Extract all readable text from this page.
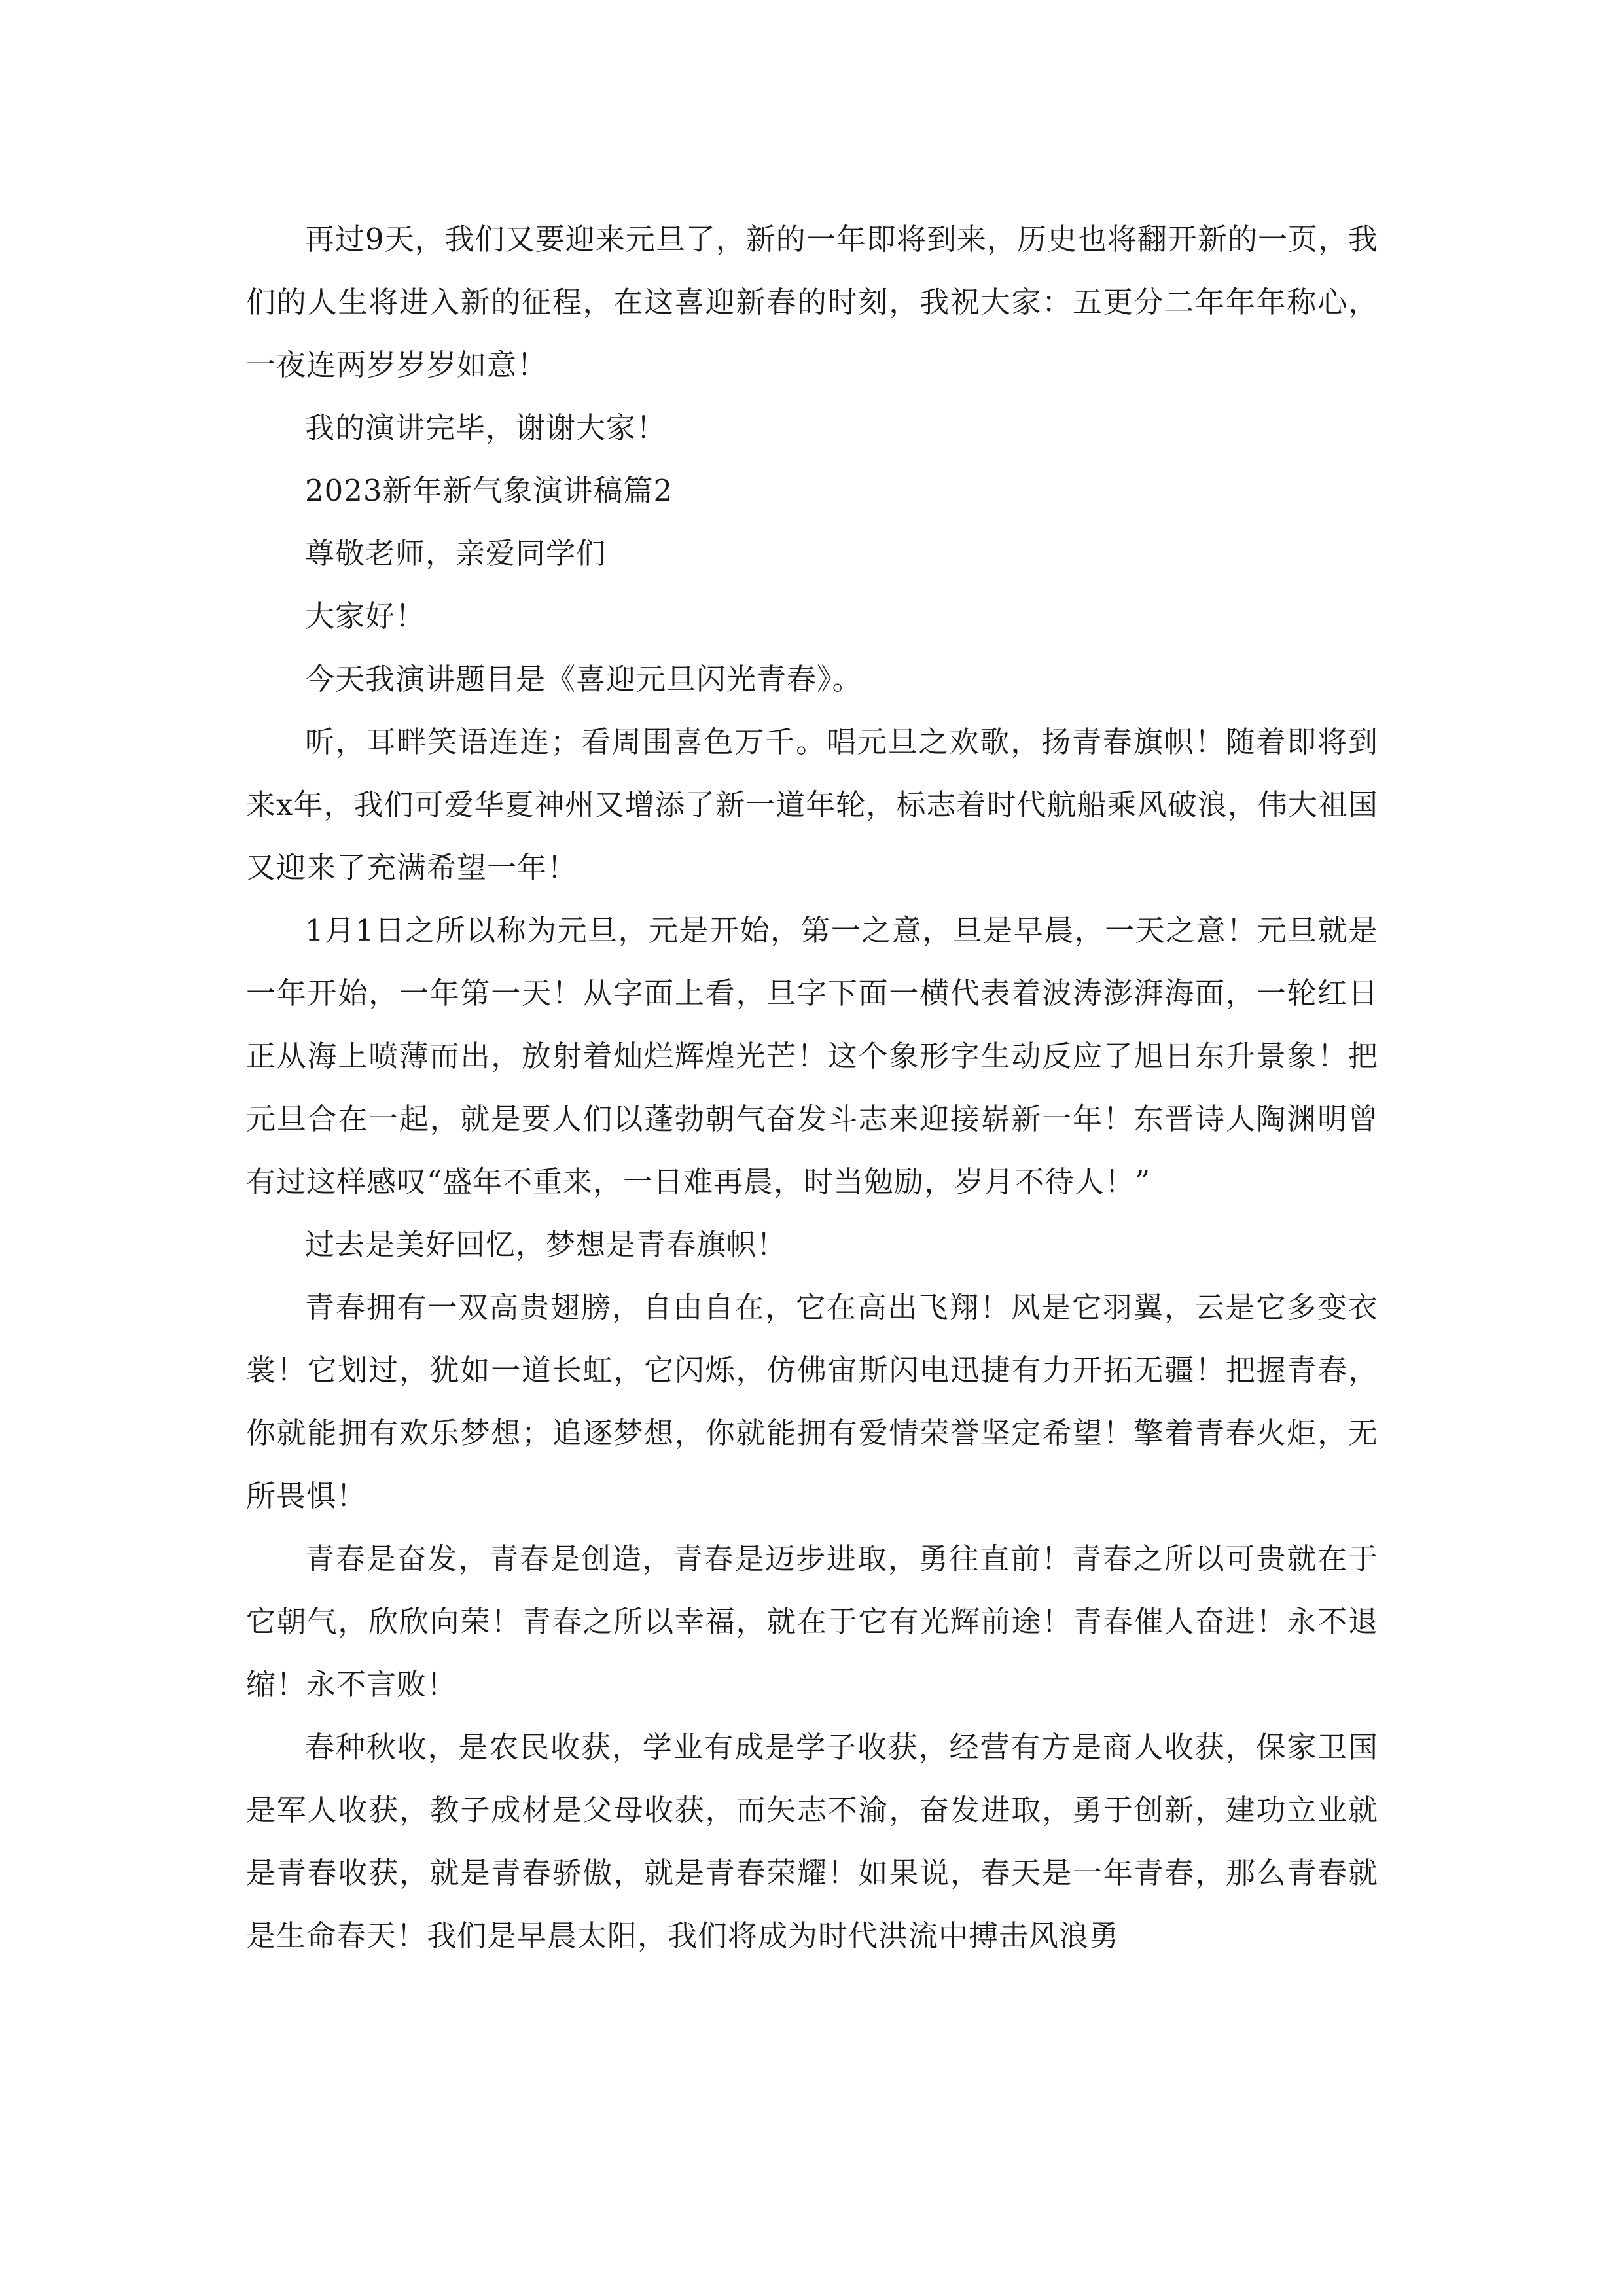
再过9天，我们又要迎来元旦了，新的一年即将到来，历史也将翻开新的一页，我们的人生将进入新的征程，在这喜迎新春的时刻，我祝大家：五更分二年年年称心，一夜连两岁岁岁如意！

我的演讲完毕，谢谢大家！

2023新年新气象演讲稿篇2

尊敬老师，亲爱同学们

大家好！

今天我演讲题目是《喜迎元旦闪光青春》。

听，耳畔笑语连连；看周围喜色万千。唱元旦之欢歌，扬青春旗帜！随着即将到来x年，我们可爱华夏神州又增添了新一道年轮，标志着时代航船乘风破浪，伟大祖国又迎来了充满希望一年！

1月1日之所以称为元旦，元是开始，第一之意，旦是早晨，一天之意！元旦就是一年开始，一年第一天！从字面上看，旦字下面一横代表着波涛澎湃海面，一轮红日正从海上喷薄而出，放射着灿烂辉煌光芒！这个象形字生动反应了旭日东升景象！把元旦合在一起，就是要人们以蓬勃朝气奋发斗志来迎接崭新一年！东晋诗人陶渊明曾有过这样感叹“盛年不重来，一日难再晨，时当勉励，岁月不待人！”

过去是美好回忆，梦想是青春旗帜！

青春拥有一双高贵翅膀，自由自在，它在高出飞翔！风是它羽翼，云是它多变衣裳！它划过，犹如一道长虹，它闪烁，仿佛宙斯闪电迅捷有力开拓无疆！把握青春，你就能拥有欢乐梦想；追逐梦想，你就能拥有爱情荣誉坚定希望！擎着青春火炬，无所畏惧！

青春是奋发，青春是创造，青春是迈步进取，勇往直前！青春之所以可贵就在于它朝气，欣欣向荣！青春之所以幸福，就在于它有光辉前途！青春催人奋进！永不退缩！永不言败！

春种秋收，是农民收获，学业有成是学子收获，经营有方是商人收获，保家卫国是军人收获，教子成材是父母收获，而矢志不渝，奋发进取，勇于创新，建功立业就是青春收获，就是青春骄傲，就是青春荣耀！如果说，春天是一年青春，那么青春就是生命春天！我们是早晨太阳，我们将成为时代洪流中搏击风浪勇
